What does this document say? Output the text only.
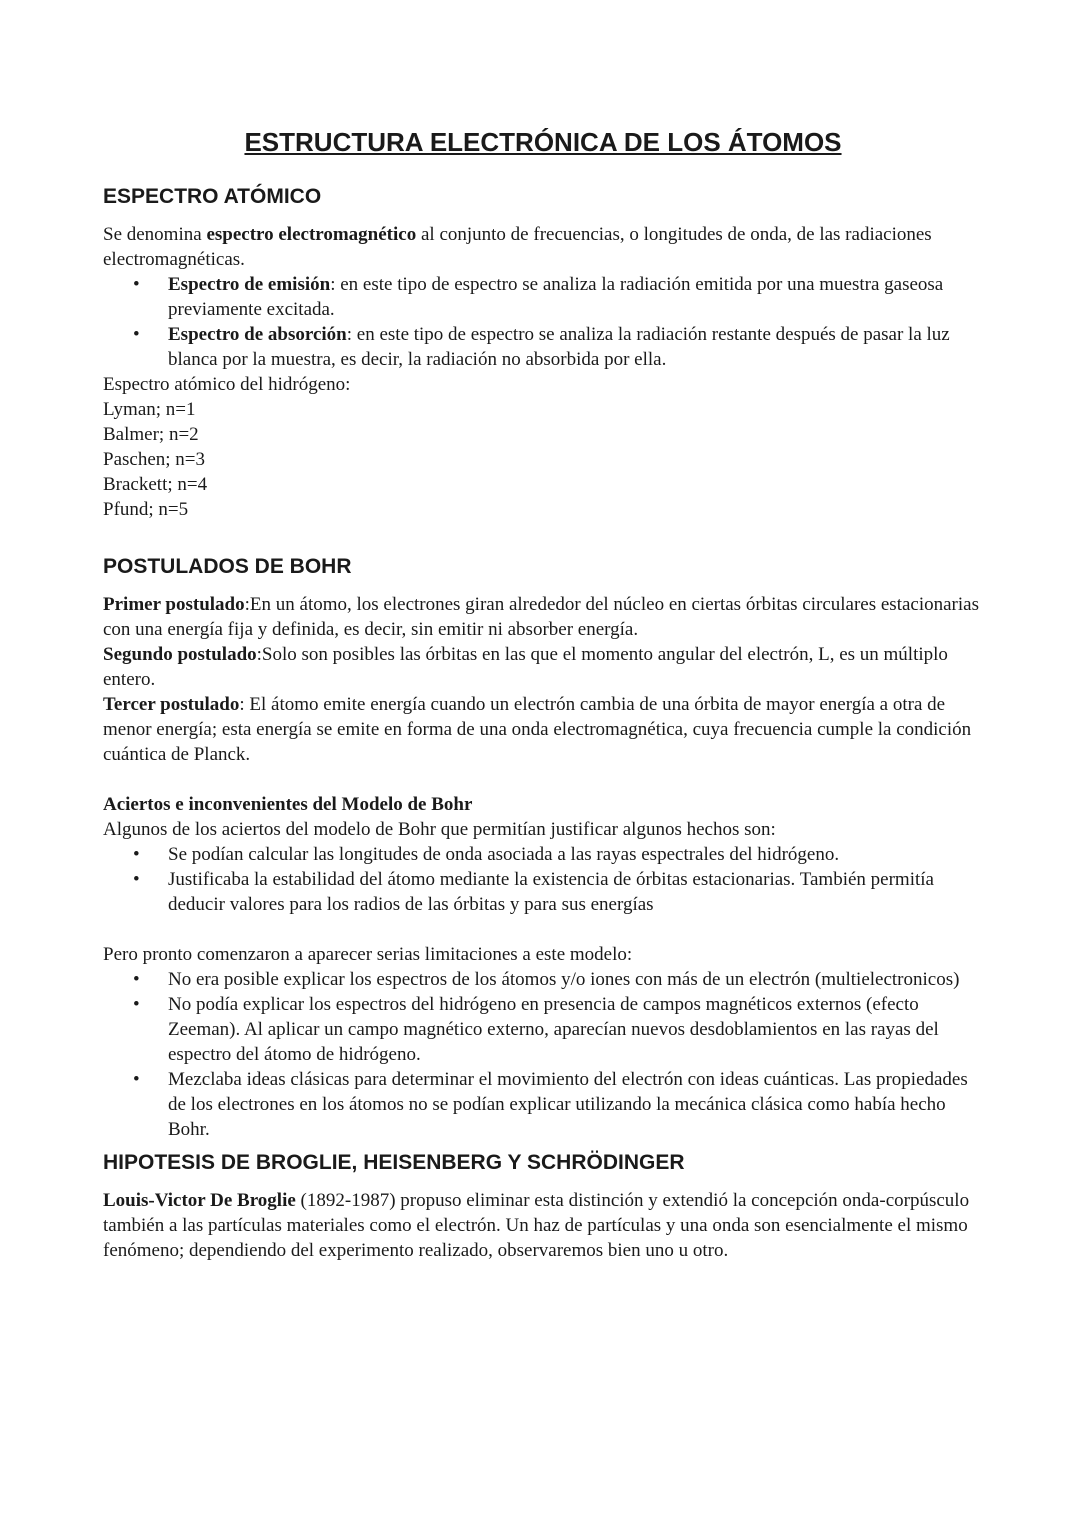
ESTRUCTURA ELECTRÓNICA DE LOS ÁTOMOS
ESPECTRO ATÓMICO

Se denomina espectro electromagnético al conjunto de frecuencias, o longitudes de onda, de las radiaciones electromagnéticas.

• Espectro de emisión: en este tipo de espectro se analiza la radiación emitida por una muestra gaseosa previamente excitada.
• Espectro de absorción: en este tipo de espectro se analiza la radiación restante después de pasar la luz blanca por la muestra, es decir, la radiación no absorbida por ella.

Espectro atómico del hidrógeno:

Lyman; n=1

Balmer; n=2

Paschen; n=3

Brackett; n=4

Pfund; n=5

POSTULADOS DE BOHR

Primer postulado:En un átomo, los electrones giran alrededor del núcleo en ciertas órbitas circulares estacionarias con una energía fija y definida, es decir, sin emitir ni absorber energía.

Segundo postulado:Solo son posibles las órbitas en las que el momento angular del electrón, L, es un múltiplo entero.

Tercer postulado: El átomo emite energía cuando un electrón cambia de una órbita de mayor energía a otra de menor energía; esta energía se emite en forma de una onda electromagnética, cuya frecuencia cumple la condición cuántica de Planck.

Aciertos e inconvenientes del Modelo de Bohr

Algunos de los aciertos del modelo de Bohr que permitían justificar algunos hechos son:

• Se podían calcular las longitudes de onda asociada a las rayas espectrales del hidrógeno.
• Justificaba la estabilidad del átomo mediante la existencia de órbitas estacionarias. También permitía deducir valores para los radios de las órbitas y para sus energías

Pero pronto comenzaron a aparecer serias limitaciones a este modelo:

• No era posible explicar los espectros de los átomos y/o iones con más de un electrón (multielectronicos)
• No podía explicar los espectros del hidrógeno en presencia de campos magnéticos externos (efecto Zeeman). Al aplicar un campo magnético externo, aparecían nuevos desdoblamientos en las rayas del espectro del átomo de hidrógeno.
• Mezclaba ideas clásicas para determinar el movimiento del electrón con ideas cuánticas. Las propiedades de los electrones en los átomos no se podían explicar utilizando la mecánica clásica como había hecho Bohr.
HIPOTESIS DE BROGLIE, HEISENBERG Y SCHRÖDINGER

Louis-Victor De Broglie (1892-1987) propuso eliminar esta distinción y extendió la concepción onda-corpúsculo también a las partículas materiales como el electrón. Un haz de partículas y una onda son esencialmente el mismo fenómeno; dependiendo del experimento realizado, observaremos bien uno u otro.
